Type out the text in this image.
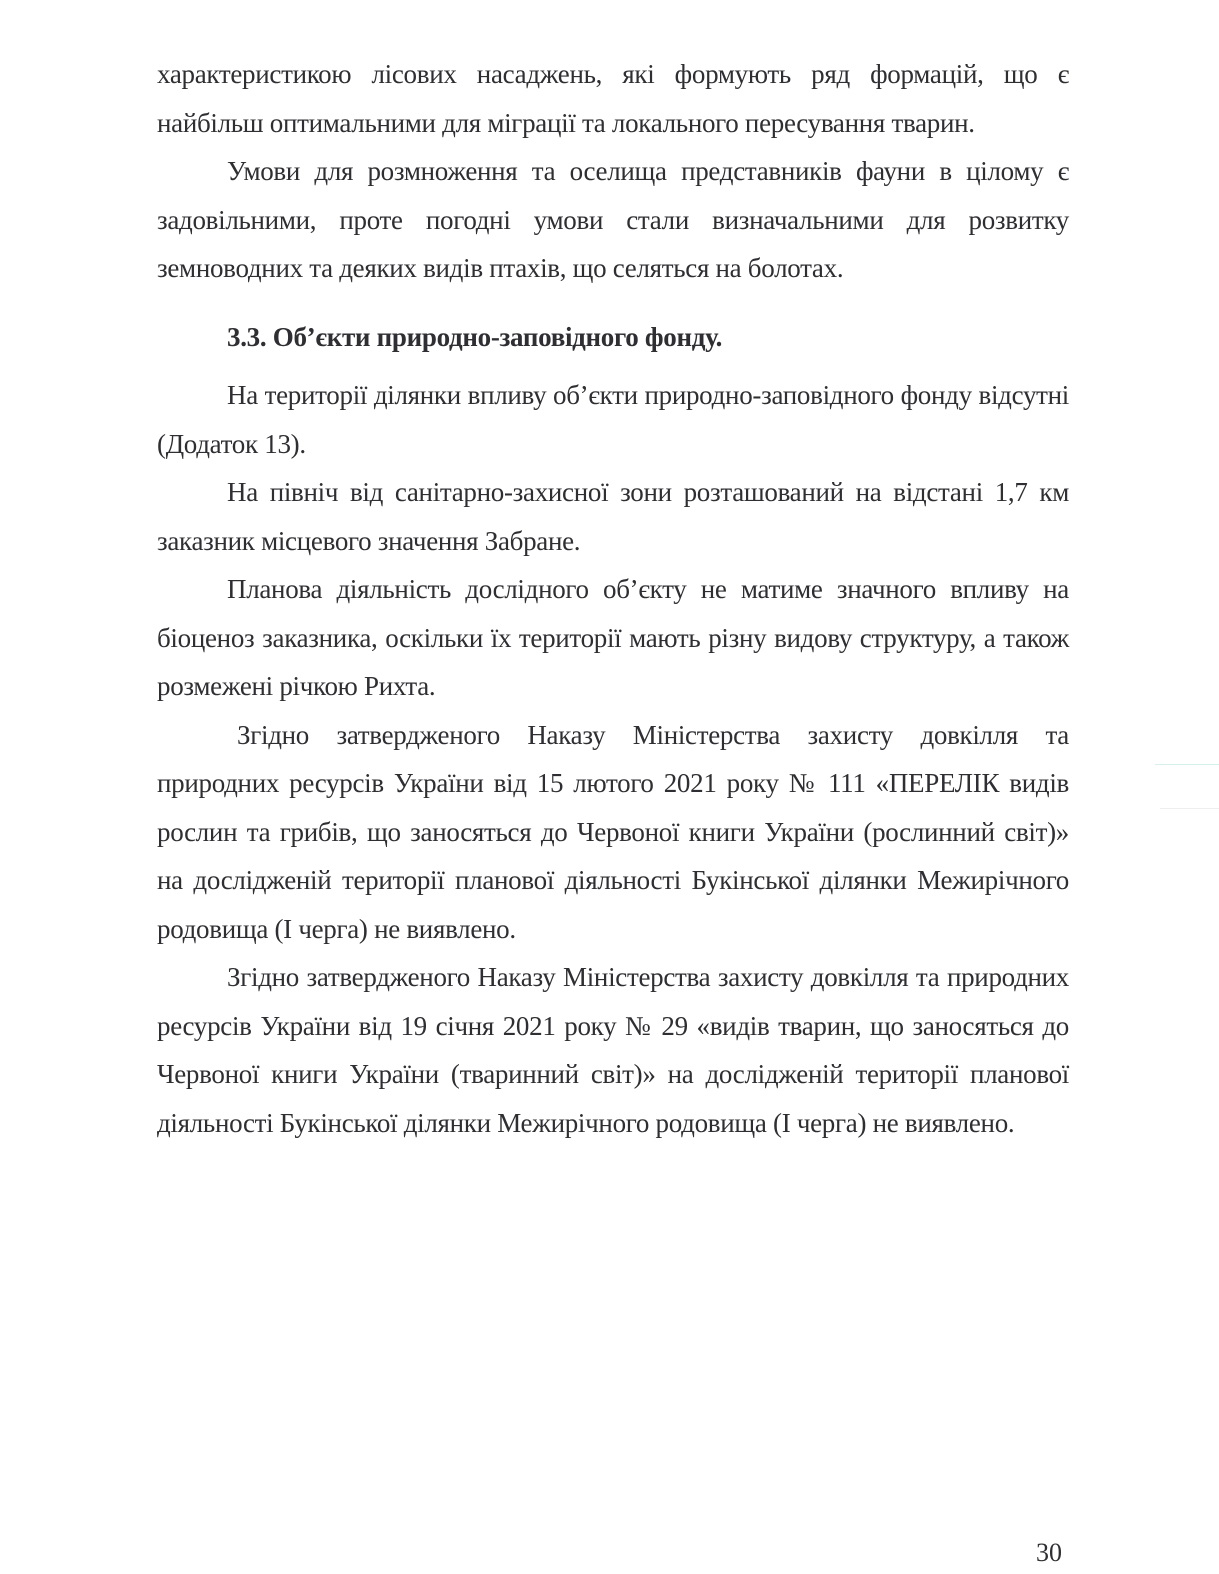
характеристикою лісових насаджень, які формують ряд формацій, що є найбільш оптимальними для міграції та локального пересування тварин.

Умови для розмноження та оселища представників фауни в цілому є задовільними, проте погодні умови стали визначальними для розвитку земноводних та деяких видів птахів, що селяться на болотах.

3.3. Об’єкти природно-заповідного фонду.

На території ділянки впливу об’єкти природно-заповідного фонду відсутні (Додаток 13).

На північ від санітарно-захисної зони розташований на відстані 1,7 км заказник місцевого значення Забране.

Планова діяльність дослідного об’єкту не матиме значного впливу на біоценоз заказника, оскільки їх території мають різну видову структуру, а також розмежені річкою Рихта.

Згідно затвердженого Наказу Міністерства захисту довкілля та природних ресурсів України від 15 лютого 2021 року № 111 «ПЕРЕЛІК видів рослин та грибів, що заносяться до Червоної книги України (рослинний світ)» на дослідженій території планової діяльності Букінської ділянки Межирічного родовища (І черга) не виявлено.

Згідно затвердженого Наказу Міністерства захисту довкілля та природних ресурсів України від 19 січня 2021 року № 29 «видів тварин, що заносяться до Червоної книги України (тваринний світ)» на дослідженій території планової діяльності Букінської ділянки Межирічного родовища (І черга) не виявлено.

30
